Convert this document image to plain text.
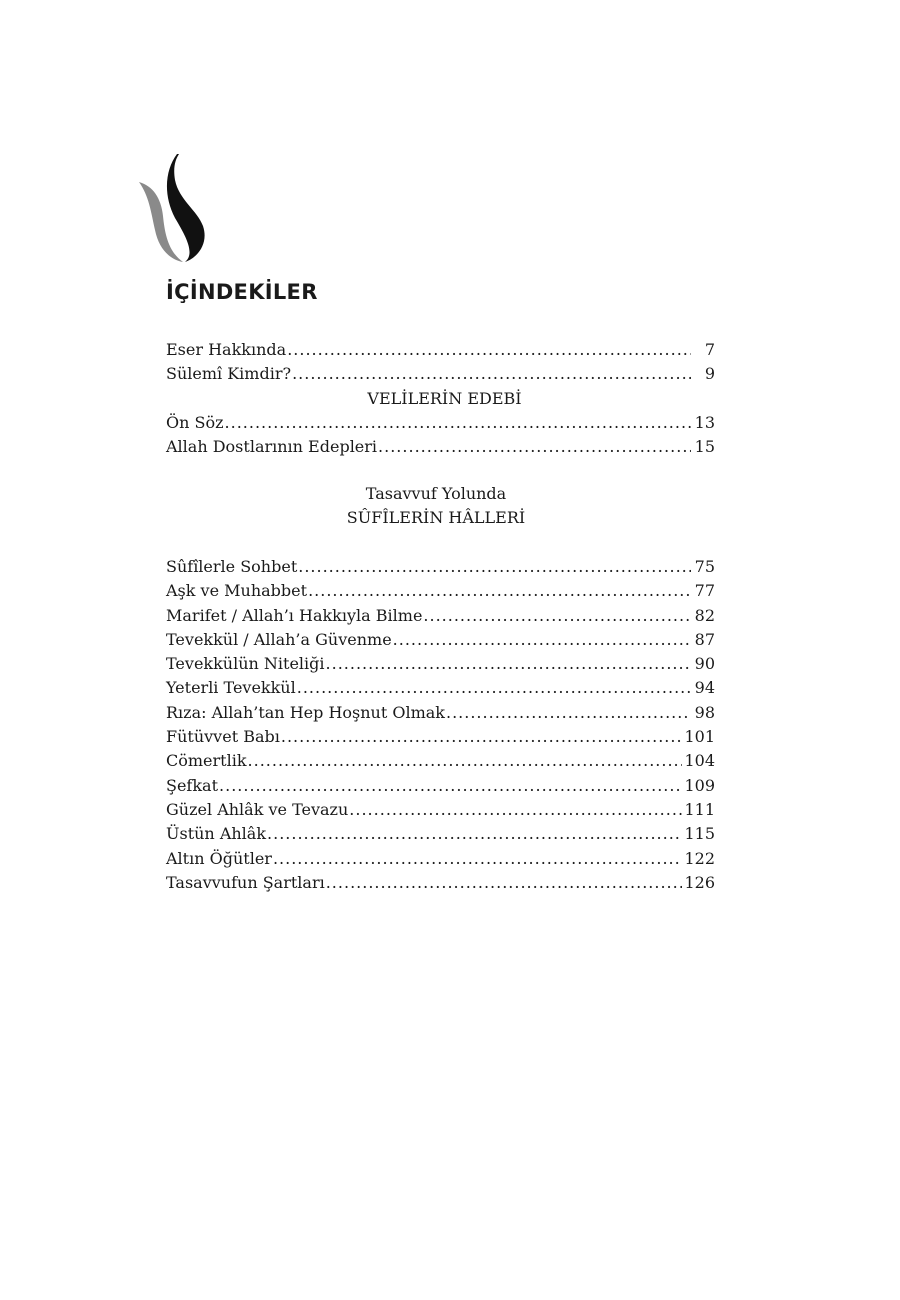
İÇİNDEKİLER
Eser Hakkında .....	7
Sülemî Kimdir? .....	9
VELİLERİN EDEBİ
Ön Söz .....	13
Allah Dostlarının Edepleri .....	15
Tasavvuf Yolunda
SÛFÎLERİN HÂLLERİ
Sûfîlerle Sohbet .....	75
Aşk ve Muhabbet .....	77
Marifet / Allah’ı Hakkıyla Bilme .....	82
Tevekkül / Allah’a Güvenme .....	87
Tevekkülün Niteliği .....	90
Yeterli Tevekkül .....	94
Rıza: Allah’tan Hep Hoşnut Olmak .....	98
Fütüvvet Babı .....	101
Cömertlik .....	104
Şefkat .....	109
Güzel Ahlâk ve Tevazu .....	111
Üstün Ahlâk .....	115
Altın Öğütler .....	122
Tasavvufun Şartları .....	126
